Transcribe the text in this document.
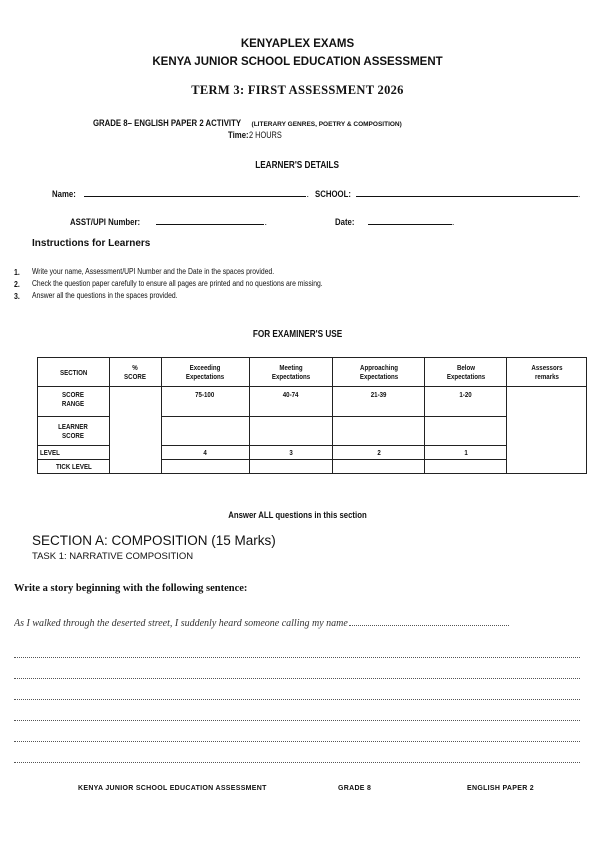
KENYAPLEX EXAMS
KENYA JUNIOR SCHOOL EDUCATION ASSESSMENT
TERM 3: FIRST ASSESSMENT 2026
GRADE 8– ENGLISH PAPER 2 ACTIVITY (LITERARY GENRES, POETRY & COMPOSITION)
Time:2 HOURS
LEARNER'S DETAILS
Name:	. SCHOOL:	.
ASST/UPI Number:	.	Date:	.
Instructions for Learners
1. Write your name, Assessment/UPI Number and the Date in the spaces provided.
2. Check the question paper carefully to ensure all pages are printed and no questions are missing.
3. Answer all the questions in the spaces provided.
FOR EXAMINER'S USE
SECTION	% SCORE	Exceeding Expectations	Meeting Expectations	Approaching Expectations	Below Expectations	Assessors remarks
SCORE RANGE		75-100	40-74	21-39	1-20	
LEARNER SCORE						
LEVEL		4	3	2	1	
TICK LEVEL						
Answer ALL questions in this section
SECTION A: COMPOSITION (15 Marks)
TASK 1: NARRATIVE COMPOSITION
Write a story beginning with the following sentence:
As I walked through the deserted street, I suddenly heard someone calling my name
KENYA JUNIOR SCHOOL EDUCATION ASSESSMENT	GRADE 8	ENGLISH PAPER 2
